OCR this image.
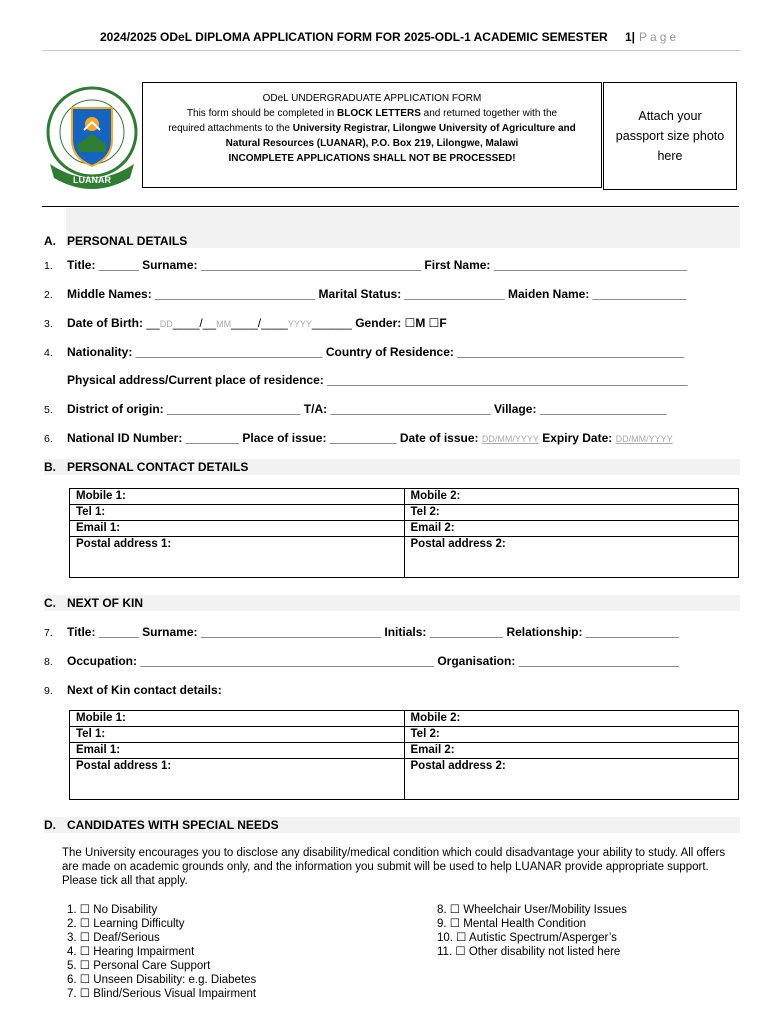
2024/2025 ODeL DIPLOMA APPLICATION FORM FOR 2025-ODL-1 ACADEMIC SEMESTER 1| Page
LUANAR
ODeL UNDERGRADUATE APPLICATION FORM
This form should be completed in BLOCK LETTERS and returned together with the
required attachments to the University Registrar, Lilongwe University of Agriculture and
Natural Resources (LUANAR), P.O. Box 219, Lilongwe, Malawi
INCOMPLETE APPLICATIONS SHALL NOT BE PROCESSED!
Attach your
passport size photo
here
A. PERSONAL DETAILS
1. Title: ______ Surname: _________________________________ First Name: _____________________________
2. Middle Names: ________________________ Marital Status: _______________ Maiden Name: ______________
3. Date of Birth: __DD____/__MM____/____YYYY______ Gender: ☐M ☐F
4. Nationality: ____________________________ Country of Residence: __________________________________
Physical address/Current place of residence: ______________________________________________________
5. District of origin: ____________________ T/A: ________________________ Village: ___________________
6. National ID Number: ________ Place of issue: __________ Date of issue: DD/MM/YYYY Expiry Date: DD/MM/YYYY
B. PERSONAL CONTACT DETAILS
Mobile 1:	Mobile 2:
Tel 1:	Tel 2:
Email 1:	Email 2:
Postal address 1:	Postal address 2:
C. NEXT OF KIN
7. Title: ______ Surname: ___________________________ Initials: ___________ Relationship: ______________
8. Occupation: ____________________________________________ Organisation: ________________________
9. Next of Kin contact details:
Mobile 1:	Mobile 2:
Tel 1:	Tel 2:
Email 1:	Email 2:
Postal address 1:	Postal address 2:
D. CANDIDATES WITH SPECIAL NEEDS
The University encourages you to disclose any disability/medical condition which could disadvantage your ability to study. All offers are made on academic grounds only, and the information you submit will be used to help LUANAR provide appropriate support. Please tick all that apply.
1. ☐ No Disability
2. ☐ Learning Difficulty
3. ☐ Deaf/Serious
4. ☐ Hearing Impairment
5. ☐ Personal Care Support
6. ☐ Unseen Disability: e.g. Diabetes
7. ☐ Blind/Serious Visual Impairment
8. ☐ Wheelchair User/Mobility Issues
9. ☐ Mental Health Condition
10. ☐ Autistic Spectrum/Asperger’s
11. ☐ Other disability not listed here
